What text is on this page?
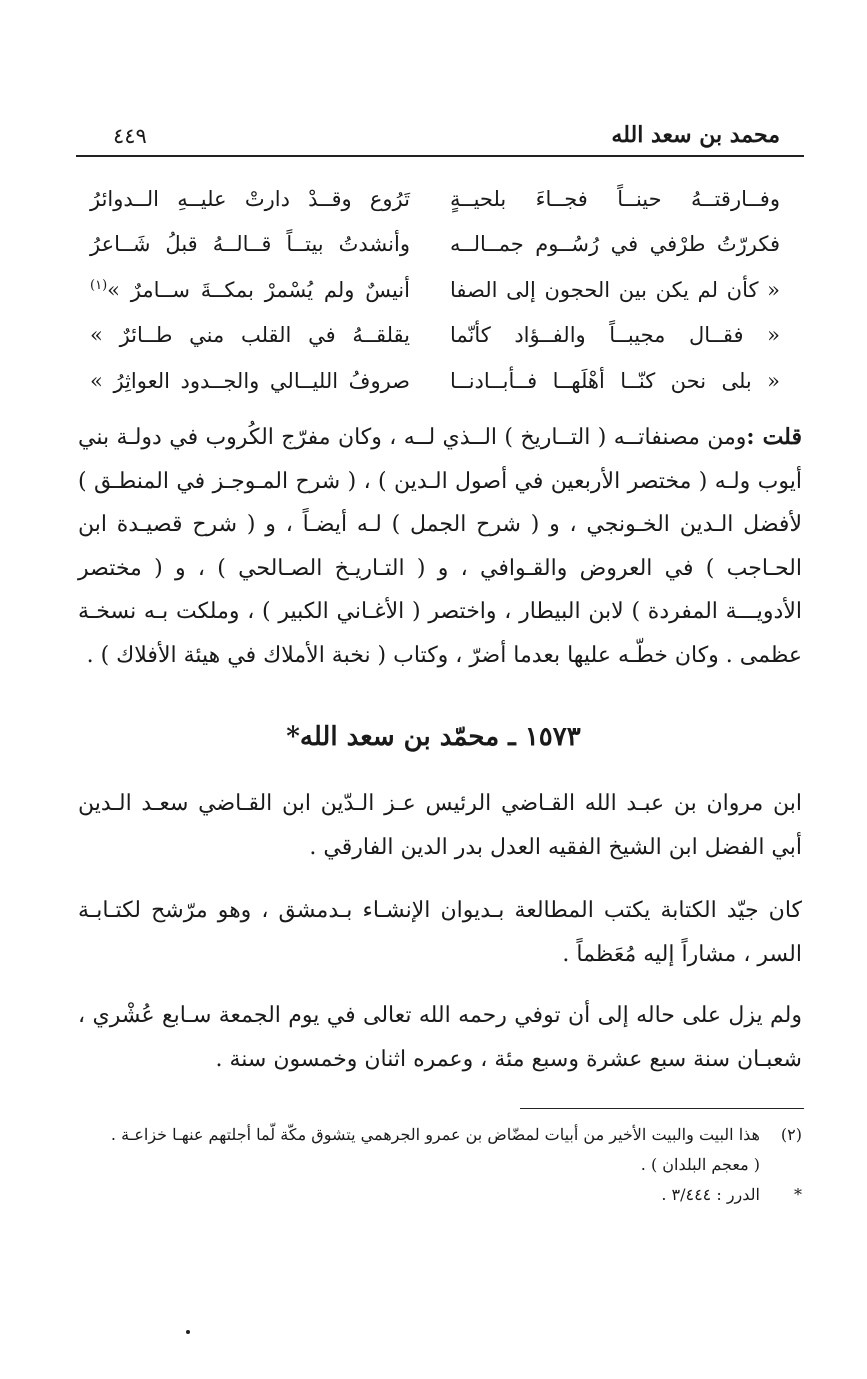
محمد بن سعد الله
٤٤٩
وفــارقتــهُ حينــاً فجــاءَ بلحيــةٍ
تَرُوع وقــدْ دارتْ عليــهِ الــدوائرُ
فكررّتُ طرْفي في رُسُــوم جمــالــه
وأنشدتُ بيتــاً قــالــهُ قبلُ شَــاعرُ
« كأن لم يكن بين الحجون إلى الصفا
أنيسٌ ولم يُسْمرْ بمكــةَ ســامرٌ »$^{(١)}$
« فقــال مجيبــاً والفــؤاد كأنّما
يقلقــهُ في القلب مني طــائرٌ »
« بلى نحن كنّــا أهْلَهــا فــأبــادنــا
صروفُ الليــالي والجــدود العواثِرُ »

قلت :ومن مصنفاتــه ( التــاريخ ) الــذي لــه ، وكان مفرّج الكُروب في دولـة بني أيوب ولـه ( مختصر الأربعين في أصول الـدين ) ، ( شرح المـوجـز في المنطـق ) لأفضل الـدين الخـونجي ، و ( شرح الجمل ) لـه أيضـاً ، و ( شرح قصيـدة ابن الحـاجب ) في العروض والقـوافي ، و ( التـاريـخ الصـالحي ) ، و ( مختصر الأدويـــة المفردة ) لابن البيطار ، واختصر ( الأغـاني الكبير ) ، وملكت بـه نسخـة عظمى . وكان خطّـه عليها بعدما أضرّ ، وكتاب ( نخبة الأملاك في هيئة الأفلاك ) .

١٥٧٣ ـ محمّد بن سعد الله*

ابن مروان بن عبـد الله القـاضي الرئيس عـز الـدّين ابن القـاضي سعـد الـدين أبي الفضل ابن الشيخ الفقيه العدل بدر الدين الفارقي .

كان جيّد الكتابة يكتب المطالعة بـديوان الإنشـاء بـدمشق ، وهو مرّشح لكتـابـة السر ، مشاراً إليه مُعَظماً .

ولم يزل على حاله إلى أن توفي رحمه الله تعالى في يوم الجمعة سـابع عُشْري ، شعبـان سنة سبع عشرة وسبع مئة ، وعمره اثنان وخمسون سنة .

(٢)
هذا البيت والبيت الأخير من أبيات لمضّاض بن عمرو الجرهمي يتشوق مكّة لّما أجلتهم عنهـا خزاعـة .
( معجم البلدان ) .
*
الدرر : ٣/٤٤٤ .
